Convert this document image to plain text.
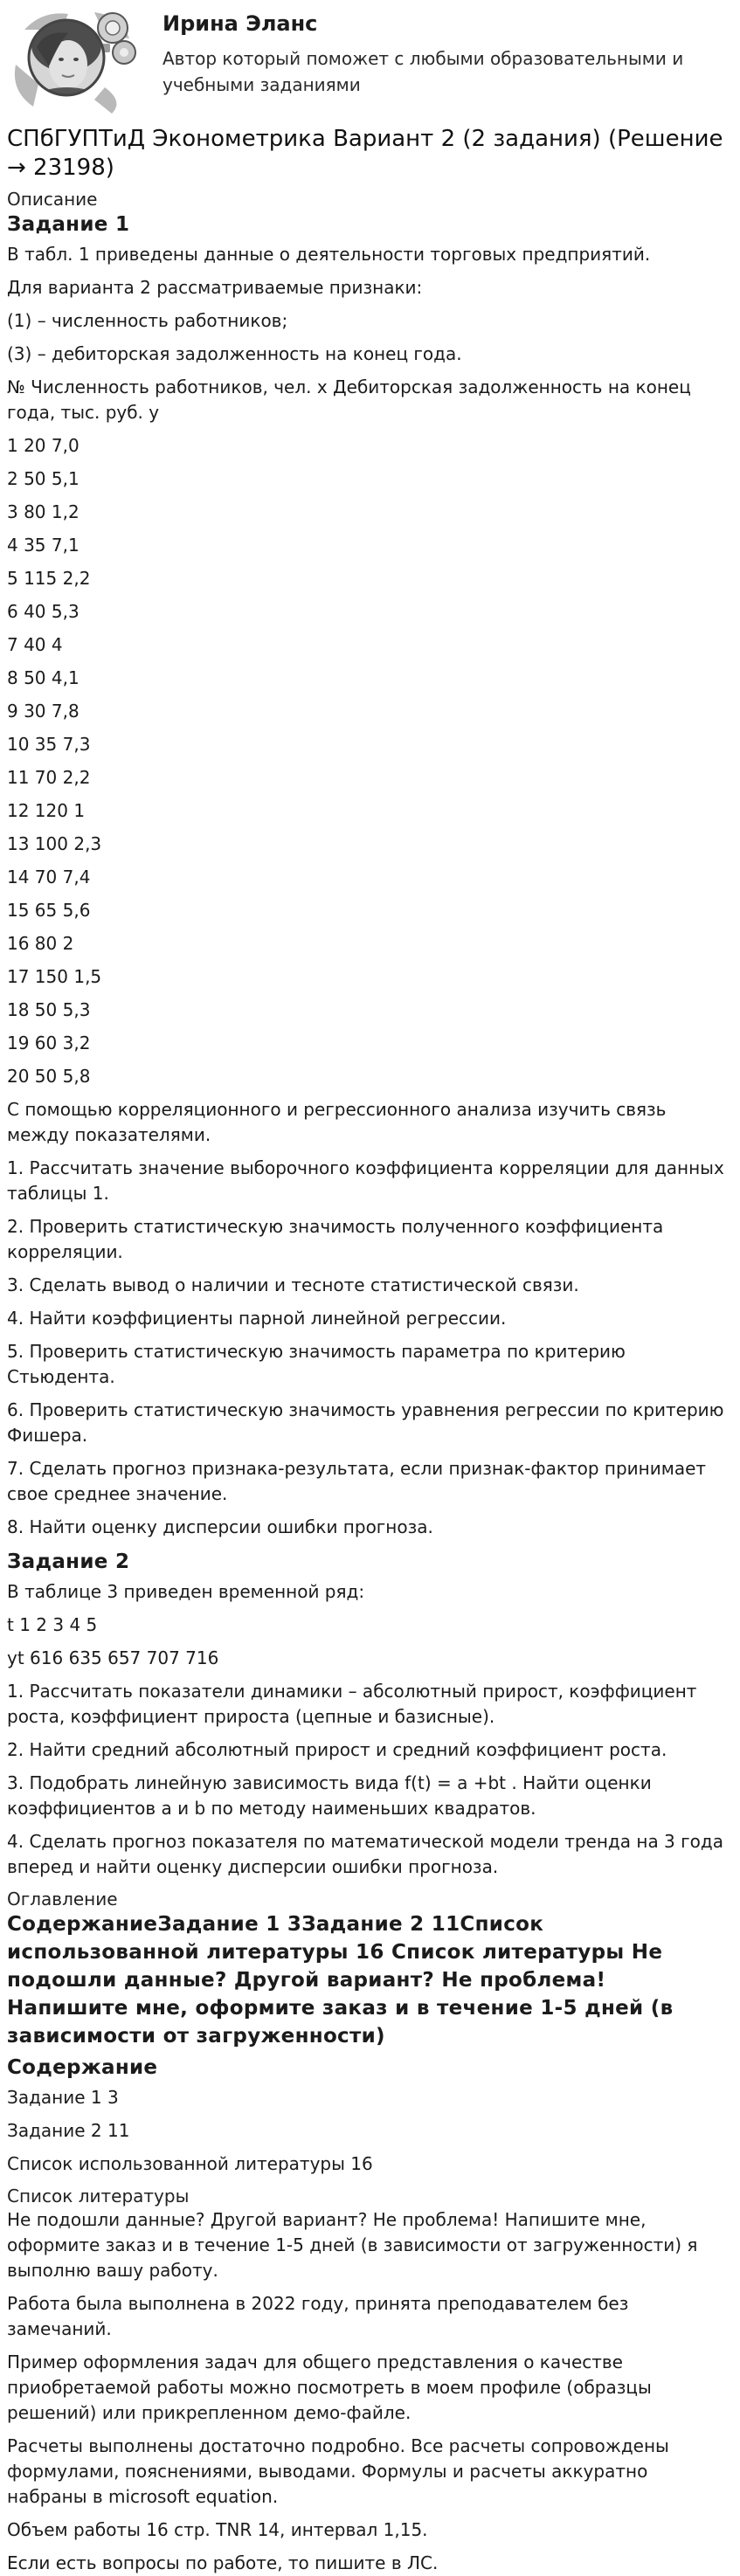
Ирина Эланс
Автор который поможет с любыми образовательными и учебными заданиями
СПбГУПТиД Эконометрика Вариант 2 (2 задания) (Решение → 23198)
Описание
Задание 1

В табл. 1 приведены данные о деятельности торговых предприятий.

Для варианта 2 рассматриваемые признаки:

(1) – численность работников;

(3) – дебиторская задолженность на конец года.

№ Численность работников, чел. x Дебиторская задолженность на конец года, тыс. руб. y

1 20 7,0

2 50 5,1

3 80 1,2

4 35 7,1

5 115 2,2

6 40 5,3

7 40 4

8 50 4,1

9 30 7,8

10 35 7,3

11 70 2,2

12 120 1

13 100 2,3

14 70 7,4

15 65 5,6

16 80 2

17 150 1,5

18 50 5,3

19 60 3,2

20 50 5,8

С помощью корреляционного и регрессионного анализа изучить связь между показателями.

1. Рассчитать значение выборочного коэффициента корреляции для данных таблицы 1.

2. Проверить статистическую значимость полученного коэффициента корреляции.

3. Сделать вывод о наличии и тесноте статистической связи.

4. Найти коэффициенты парной линейной регрессии.

5. Проверить статистическую значимость параметра по критерию Стьюдента.

6. Проверить статистическую значимость уравнения регрессии по критерию Фишера.

7. Сделать прогноз признака-результата, если признак-фактор принимает свое среднее значение.

8. Найти оценку дисперсии ошибки прогноза.

Задание 2

В таблице 3 приведен временной ряд:

t 1 2 3 4 5

yt 616 635 657 707 716

1. Рассчитать показатели динамики – абсолютный прирост, коэффициент роста, коэффициент прироста (цепные и базисные).

2. Найти средний абсолютный прирост и средний коэффициент роста.

3. Подобрать линейную зависимость вида f(t) = a +bt . Найти оценки коэффициентов a и b по методу наименьших квадратов.

4. Сделать прогноз показателя по математической модели тренда на 3 года вперед и найти оценку дисперсии ошибки прогноза.

Оглавление
СодержаниеЗадание 1 3Задание 2 11Список использованной литературы 16 Список литературы Не подошли данные? Другой вариант? Не проблема! Напишите мне, оформите заказ и в течение 1-5 дней (в зависимости от загруженности)
Содержание

Задание 1 3

Задание 2 11

Список использованной литературы 16

Список литературы

Не подошли данные? Другой вариант? Не проблема! Напишите мне, оформите заказ и в течение 1-5 дней (в зависимости от загруженности) я выполню вашу работу.

Работа была выполнена в 2022 году, принята преподавателем без замечаний.

Пример оформления задач для общего представления о качестве приобретаемой работы можно посмотреть в моем профиле (образцы решений) или прикрепленном демо-файле.

Расчеты выполнены достаточно подробно. Все расчеты сопровождены формулами, пояснениями, выводами. Формулы и расчеты аккуратно набраны в microsoft equation.

Объем работы 16 стр. TNR 14, интервал 1,15.

Если есть вопросы по работе, то пишите в ЛС.
